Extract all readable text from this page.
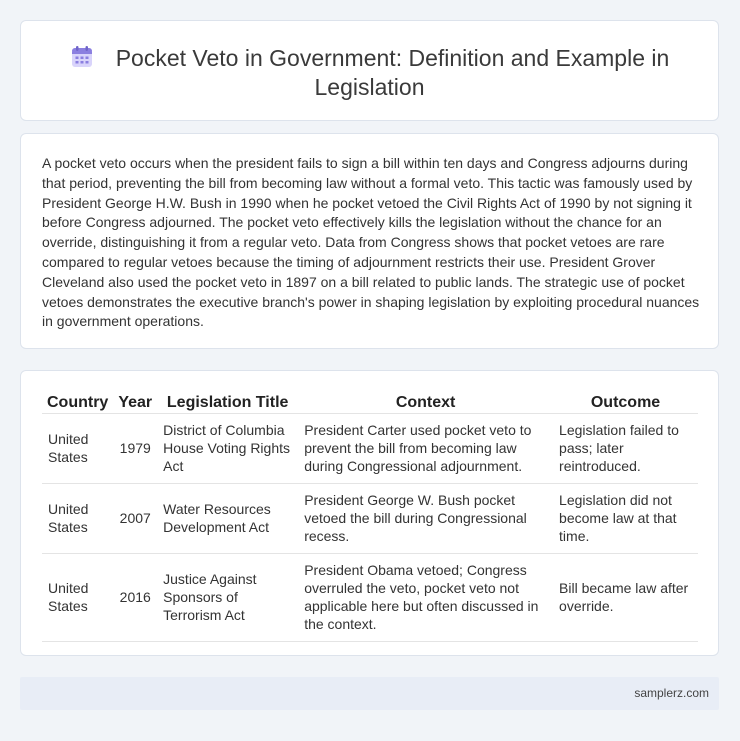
Pocket Veto in Government: Definition and Example in Legislation

A pocket veto occurs when the president fails to sign a bill within ten days and Congress adjourns during that period, preventing the bill from becoming law without a formal veto. This tactic was famously used by President George H.W. Bush in 1990 when he pocket vetoed the Civil Rights Act of 1990 by not signing it before Congress adjourned. The pocket veto effectively kills the legislation without the chance for an override, distinguishing it from a regular veto. Data from Congress shows that pocket vetoes are rare compared to regular vetoes because the timing of adjournment restricts their use. President Grover Cleveland also used the pocket veto in 1897 on a bill related to public lands. The strategic use of pocket vetoes demonstrates the executive branch's power in shaping legislation by exploiting procedural nuances in government operations.

Country	Year	Legislation Title	Context	Outcome
United States	1979	District of Columbia House Voting Rights Act	President Carter used pocket veto to prevent the bill from becoming law during Congressional adjournment.	Legislation failed to pass; later reintroduced.
United States	2007	Water Resources Development Act	President George W. Bush pocket vetoed the bill during Congressional recess.	Legislation did not become law at that time.
United States	2016	Justice Against Sponsors of Terrorism Act	President Obama vetoed; Congress overruled the veto, pocket veto not applicable here but often discussed in the context.	Bill became law after override.
samplerz.com
